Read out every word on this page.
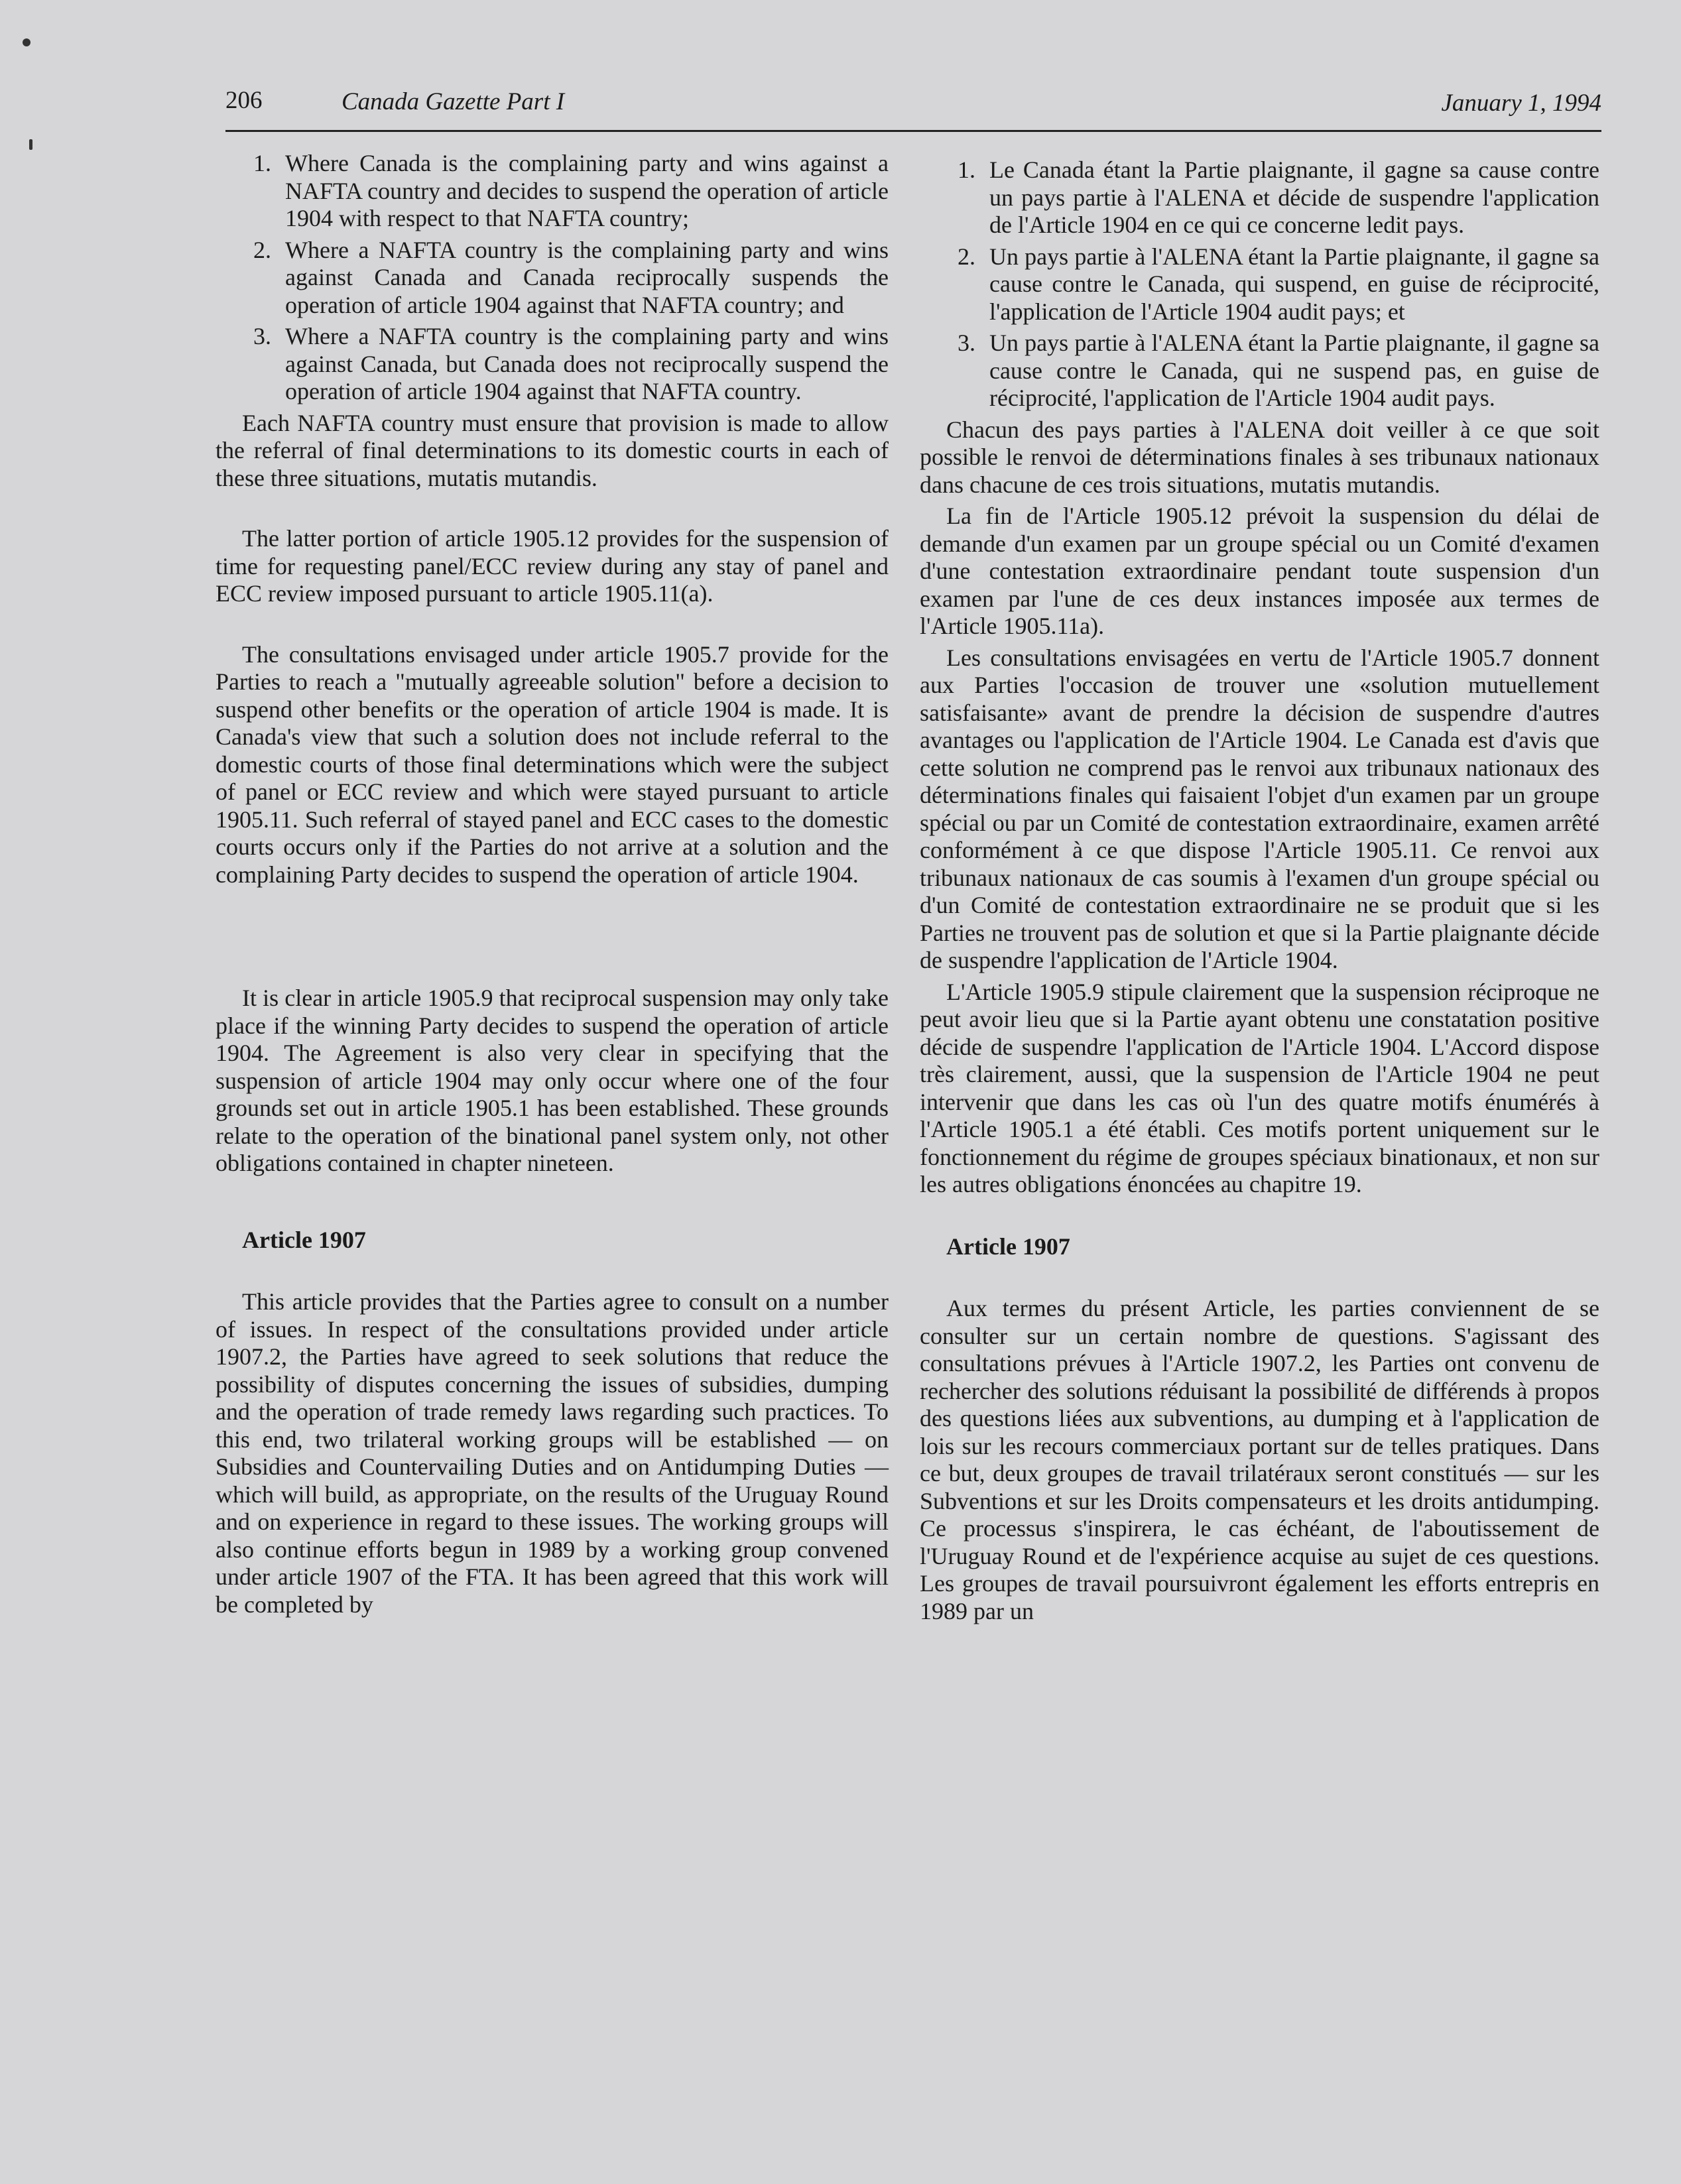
206	Canada Gazette Part I	January 1, 1994
1. Where Canada is the complaining party and wins against a NAFTA country and decides to suspend the operation of article 1904 with respect to that NAFTA country;
2. Where a NAFTA country is the complaining party and wins against Canada and Canada reciprocally suspends the operation of article 1904 against that NAFTA country; and
3. Where a NAFTA country is the complaining party and wins against Canada, but Canada does not reciprocally suspend the operation of article 1904 against that NAFTA country.

Each NAFTA country must ensure that provision is made to allow the referral of final determinations to its domestic courts in each of these three situations, mutatis mutandis.

The latter portion of article 1905.12 provides for the suspension of time for requesting panel/ECC review during any stay of panel and ECC review imposed pursuant to article 1905.11(a).

The consultations envisaged under article 1905.7 provide for the Parties to reach a "mutually agreeable solution" before a decision to suspend other benefits or the operation of article 1904 is made. It is Canada's view that such a solution does not include referral to the domestic courts of those final determinations which were the subject of panel or ECC review and which were stayed pursuant to article 1905.11. Such referral of stayed panel and ECC cases to the domestic courts occurs only if the Parties do not arrive at a solution and the complaining Party decides to suspend the operation of article 1904.

It is clear in article 1905.9 that reciprocal suspension may only take place if the winning Party decides to suspend the operation of article 1904. The Agreement is also very clear in specifying that the suspension of article 1904 may only occur where one of the four grounds set out in article 1905.1 has been established. These grounds relate to the operation of the binational panel system only, not other obligations contained in chapter nineteen.

Article 1907

This article provides that the Parties agree to consult on a number of issues. In respect of the consultations provided under article 1907.2, the Parties have agreed to seek solutions that reduce the possibility of disputes concerning the issues of subsidies, dumping and the operation of trade remedy laws regarding such practices. To this end, two trilateral working groups will be established — on Subsidies and Countervailing Duties and on Antidumping Duties — which will build, as appropriate, on the results of the Uruguay Round and on experience in regard to these issues. The working groups will also continue efforts begun in 1989 by a working group convened under article 1907 of the FTA. It has been agreed that this work will be completed by

1. Le Canada étant la Partie plaignante, il gagne sa cause contre un pays partie à l'ALENA et décide de suspendre l'application de l'Article 1904 en ce qui ce concerne ledit pays.
2. Un pays partie à l'ALENA étant la Partie plaignante, il gagne sa cause contre le Canada, qui suspend, en guise de réciprocité, l'application de l'Article 1904 audit pays; et
3. Un pays partie à l'ALENA étant la Partie plaignante, il gagne sa cause contre le Canada, qui ne suspend pas, en guise de réciprocité, l'application de l'Article 1904 audit pays.

Chacun des pays parties à l'ALENA doit veiller à ce que soit possible le renvoi de déterminations finales à ses tribunaux nationaux dans chacune de ces trois situations, mutatis mutandis.

La fin de l'Article 1905.12 prévoit la suspension du délai de demande d'un examen par un groupe spécial ou un Comité d'examen d'une contestation extraordinaire pendant toute suspension d'un examen par l'une de ces deux instances imposée aux termes de l'Article 1905.11a).

Les consultations envisagées en vertu de l'Article 1905.7 donnent aux Parties l'occasion de trouver une «solution mutuellement satisfaisante» avant de prendre la décision de suspendre d'autres avantages ou l'application de l'Article 1904. Le Canada est d'avis que cette solution ne comprend pas le renvoi aux tribunaux nationaux des déterminations finales qui faisaient l'objet d'un examen par un groupe spécial ou par un Comité de contestation extraordinaire, examen arrêté conformément à ce que dispose l'Article 1905.11. Ce renvoi aux tribunaux nationaux de cas soumis à l'examen d'un groupe spécial ou d'un Comité de contestation extraordinaire ne se produit que si les Parties ne trouvent pas de solution et que si la Partie plaignante décide de suspendre l'application de l'Article 1904.

L'Article 1905.9 stipule clairement que la suspension réciproque ne peut avoir lieu que si la Partie ayant obtenu une constatation positive décide de suspendre l'application de l'Article 1904. L'Accord dispose très clairement, aussi, que la suspension de l'Article 1904 ne peut intervenir que dans les cas où l'un des quatre motifs énumérés à l'Article 1905.1 a été établi. Ces motifs portent uniquement sur le fonctionnement du régime de groupes spéciaux binationaux, et non sur les autres obligations énoncées au chapitre 19.

Article 1907

Aux termes du présent Article, les parties conviennent de se consulter sur un certain nombre de questions. S'agissant des consultations prévues à l'Article 1907.2, les Parties ont convenu de rechercher des solutions réduisant la possibilité de différends à propos des questions liées aux subventions, au dumping et à l'application de lois sur les recours commerciaux portant sur de telles pratiques. Dans ce but, deux groupes de travail trilatéraux seront constitués — sur les Subventions et sur les Droits compensateurs et les droits antidumping. Ce processus s'inspirera, le cas échéant, de l'aboutissement de l'Uruguay Round et de l'expérience acquise au sujet de ces questions. Les groupes de travail poursuivront également les efforts entrepris en 1989 par un
